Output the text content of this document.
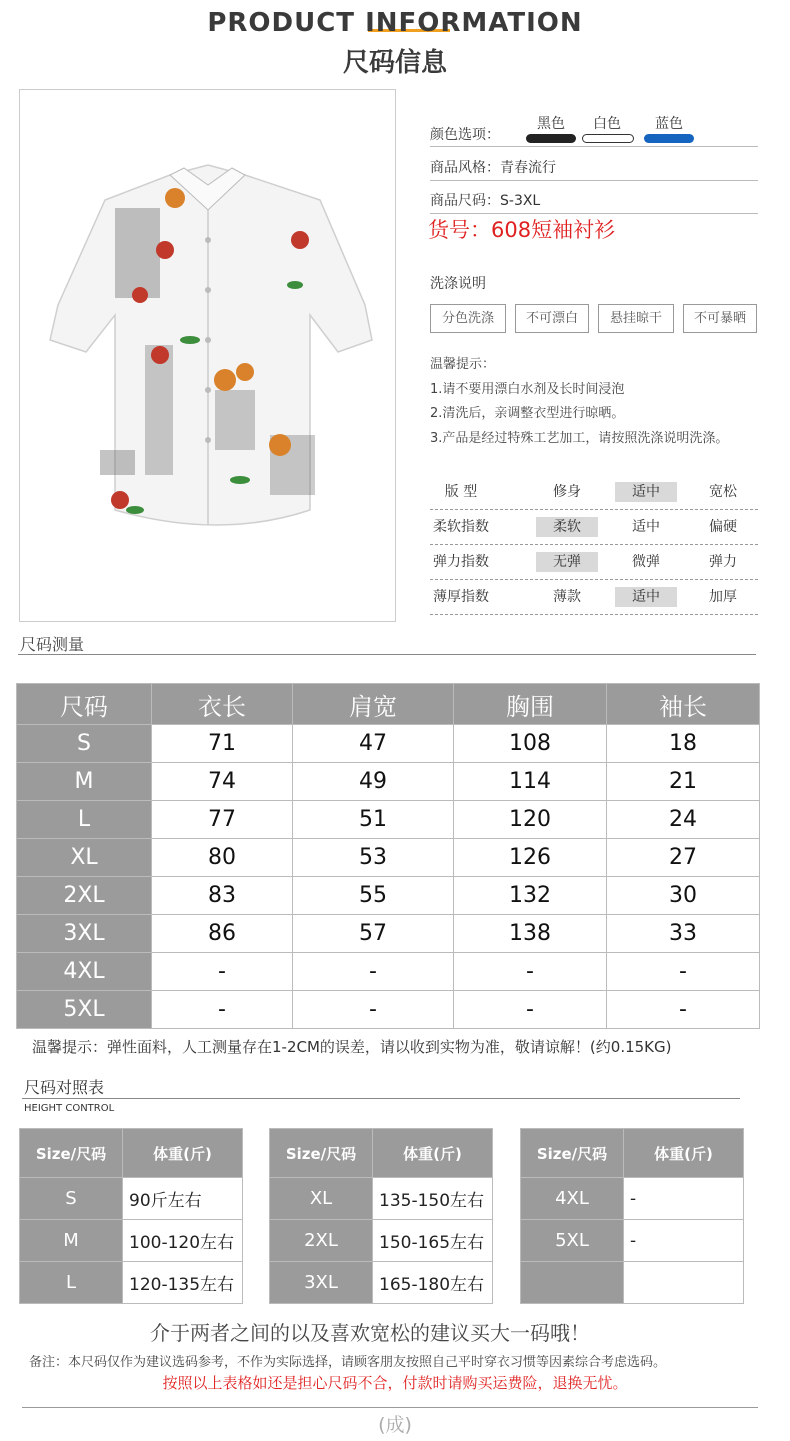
PRODUCT INFORMATION
尺码信息
颜色选项：
黑色	白色	蓝色
商品风格：青春流行
商品尺码：S-3XL
货号：608短袖衬衫
洗涤说明
分色洗涤	不可漂白	悬挂晾干	不可暴晒
温馨提示：
1.请不要用漂白水剂及长时间浸泡
2.清洗后，亲调整衣型进行晾晒。
3.产品是经过特殊工艺加工，请按照洗涤说明洗涤。
版 型	修身	适中	宽松
柔软指数	柔软	适中	偏硬
弹力指数	无弹	微弹	弹力
薄厚指数	薄款	适中	加厚
尺码测量
尺码	衣长	肩宽	胸围	袖长
S	71	47	108	18
M	74	49	114	21
L	77	51	120	24
XL	80	53	126	27
2XL	83	55	132	30
3XL	86	57	138	33
4XL	-	-	-	-
5XL	-	-	-	-
温馨提示：弹性面料，人工测量存在1-2CM的误差，请以收到实物为准，敬请谅解！(约0.15KG)
尺码对照表
HEIGHT CONTROL
Size/尺码	体重(斤)
S	90斤左右
M	100-120左右
L	120-135左右
Size/尺码	体重(斤)
XL	135-150左右
2XL	150-165左右
3XL	165-180左右
Size/尺码	体重(斤)
4XL	-
5XL	-

介于两者之间的以及喜欢宽松的建议买大一码哦！
备注：本尺码仅作为建议选码参考，不作为实际选择，请顾客朋友按照自己平时穿衣习惯等因素综合考虑选码。
按照以上表格如还是担心尺码不合，付款时请购买运费险，退换无忧。
(成)
